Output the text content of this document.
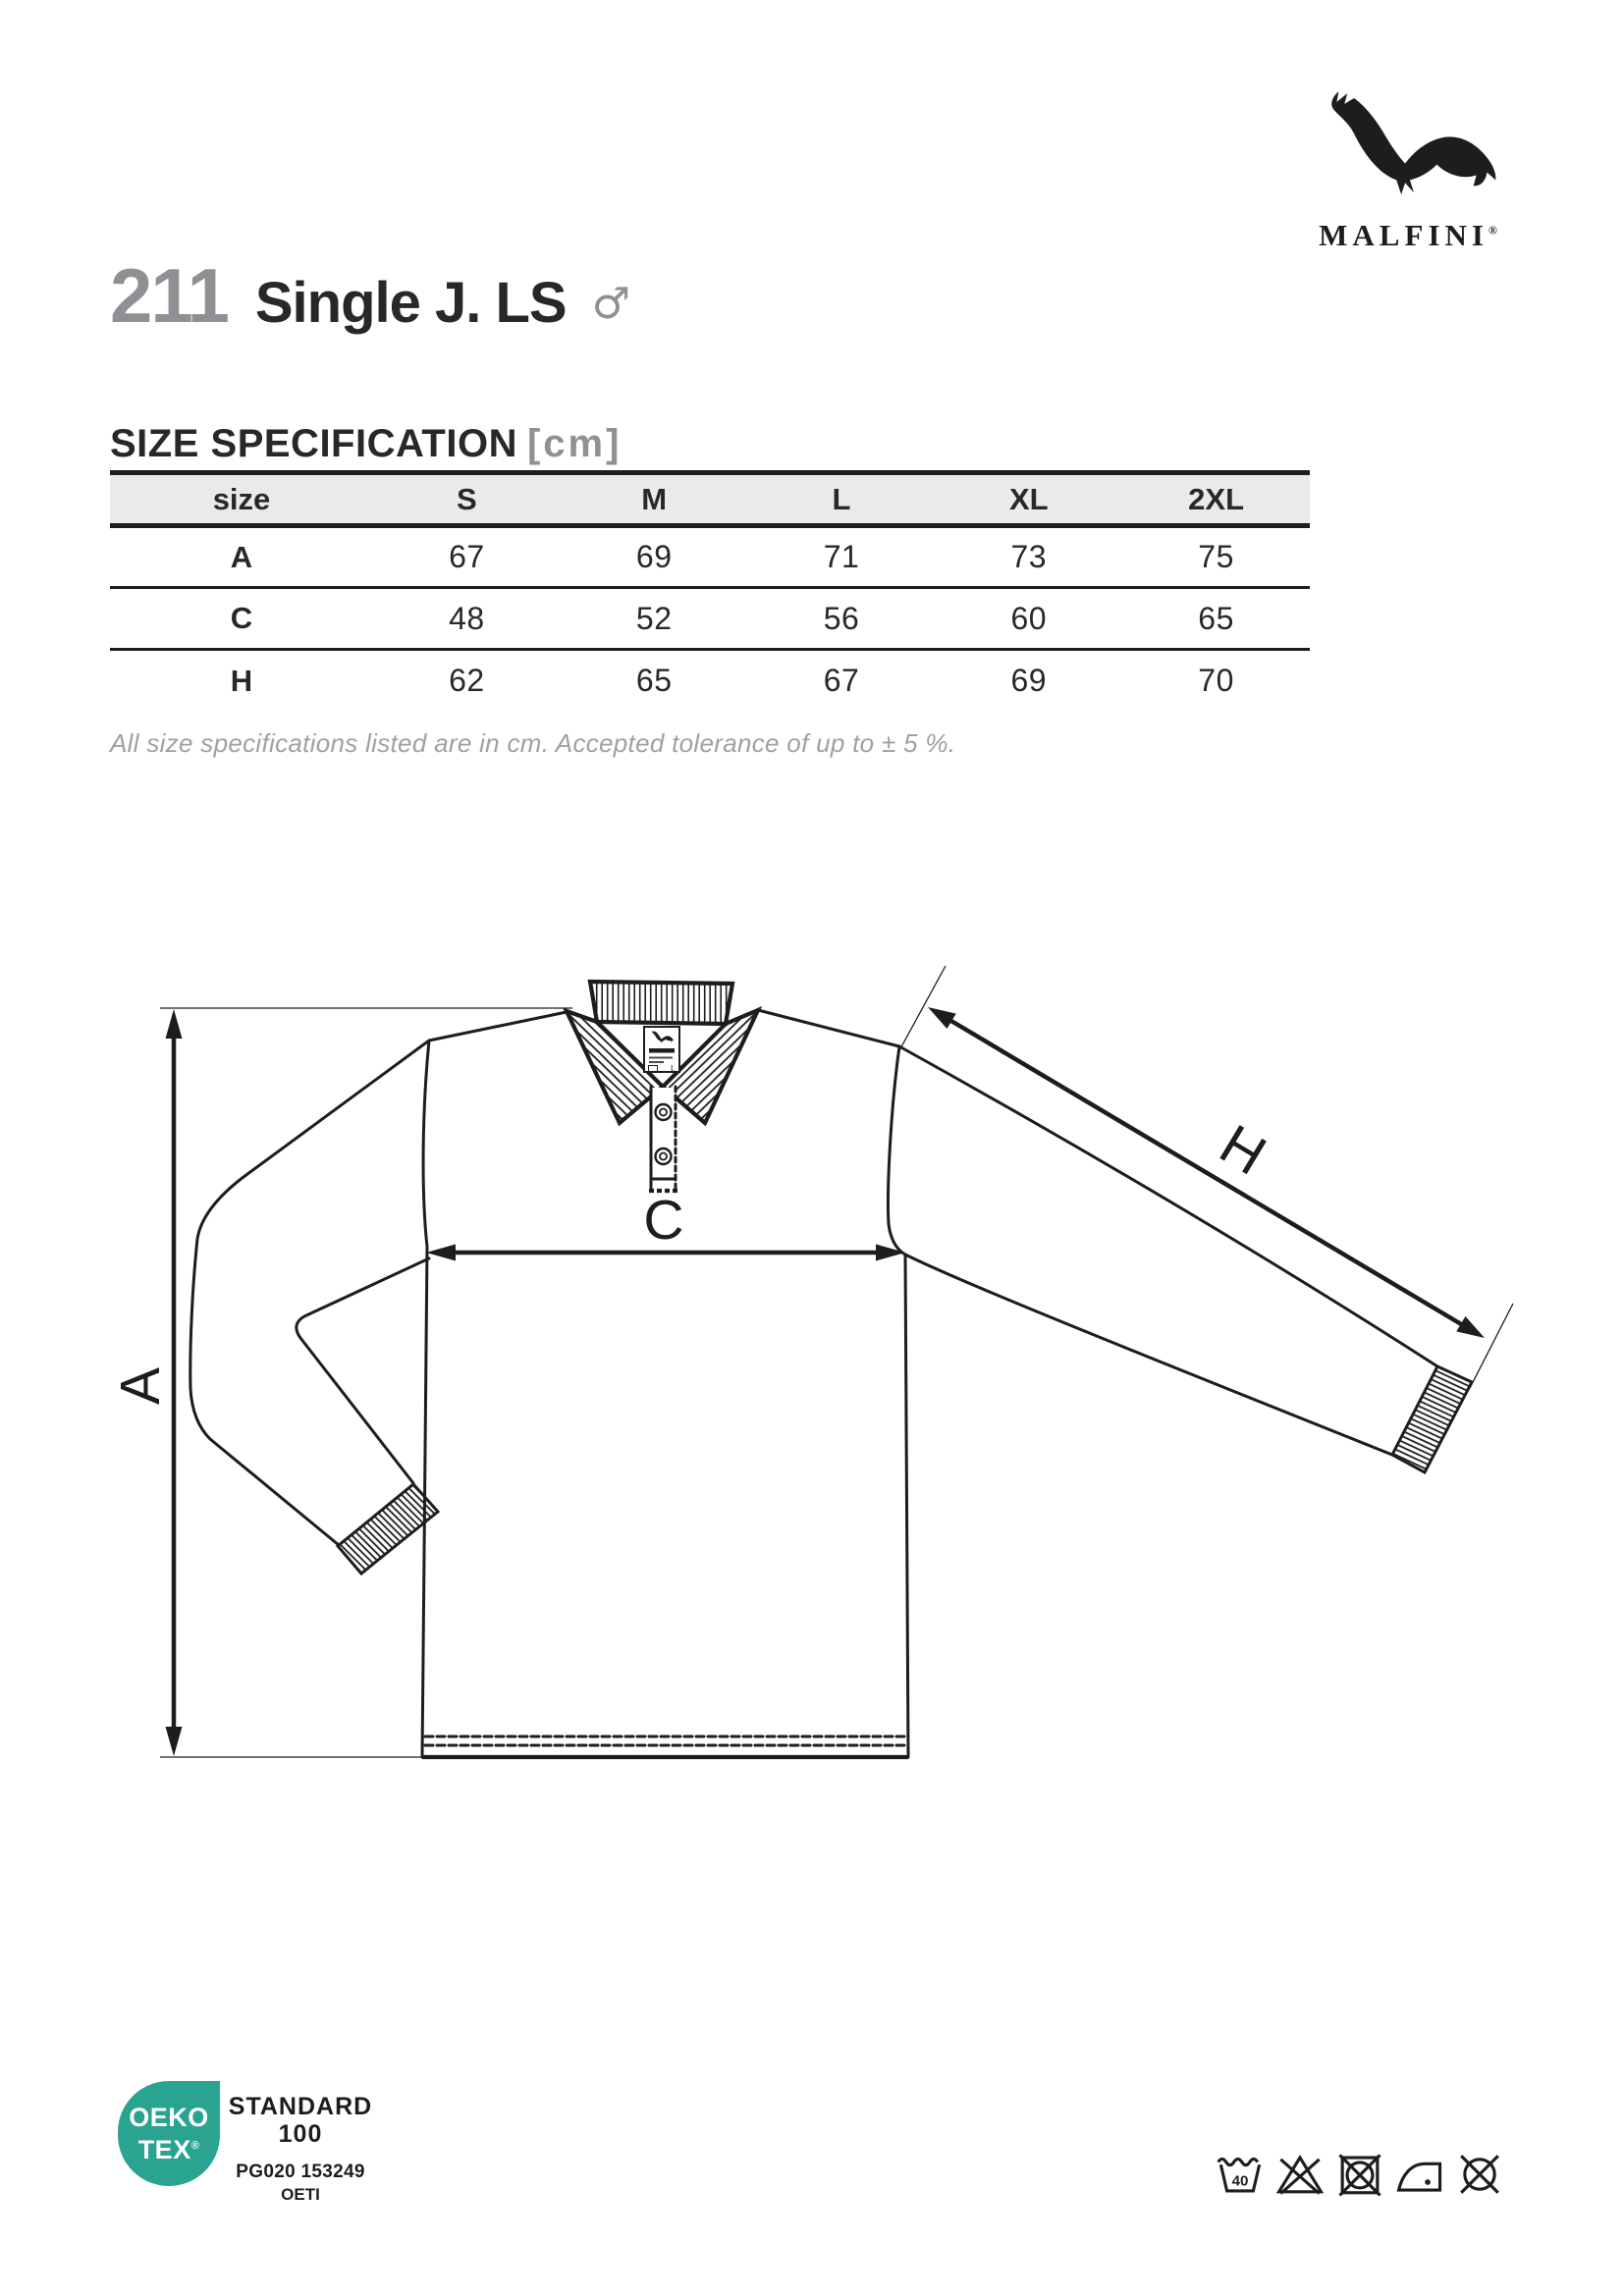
MALFINI®
211 Single J. LS ♂
SIZE SPECIFICATION [cm]
size	S	M	L	XL	2XL
A	67	69	71	73	75
C	48	52	56	60	65
H	62	65	67	69	70
All size specifications listed are in cm. Accepted tolerance of up to ± 5 %.
L
A
C
H
OEKO
TEX®
STANDARD
100
PG020 153249
OETI
40
